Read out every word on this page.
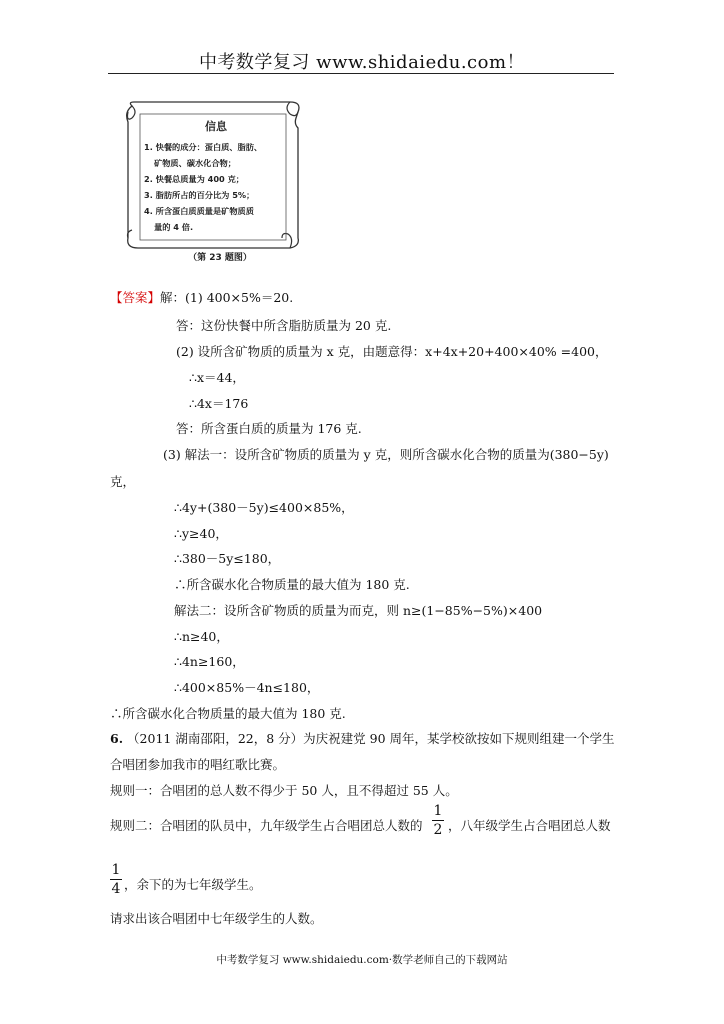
中考数学复习 www.shidaiedu.com！
信息
1. 快餐的成分：蛋白质、脂肪、
矿物质、碳水化合物；
2. 快餐总质量为 400 克；
3. 脂肪所占的百分比为 5%；
4. 所含蛋白质质量是矿物质质
量的 4 倍.
（第 23 题图）
【答案】解：(1) 400×5%＝20.
答：这份快餐中所含脂肪质量为 20 克.
(2) 设所含矿物质的质量为 x 克，由题意得：x+4x+20+400×40% =400，
∴x＝44，
∴4x＝176
答：所含蛋白质的质量为 176 克.
(3) 解法一：设所含矿物质的质量为 y 克，则所含碳水化合物的质量为(380−5y)
克，
∴4y+(380－5y)≤400×85%，
∴y≥40，
∴380－5y≤180，
∴所含碳水化合物质量的最大值为 180 克.
解法二：设所含矿物质的质量为而克，则 n≥(1−85%−5%)×400
∴n≥40，
∴4n≥160，
∴400×85%－4n≤180，
∴所含碳水化合物质量的最大值为 180 克.
6. （2011 湖南邵阳，22，8 分）为庆祝建党 90 周年，某学校欲按如下规则组建一个学生
合唱团参加我市的唱红歌比赛。
规则一：合唱团的总人数不得少于 50 人，且不得超过 55 人。
规则二：合唱团的队员中，九年级学生占合唱团总人数的
1
2 ，八年级学生占合唱团总人数
1
4 ，余下的为七年级学生。
请求出该合唱团中七年级学生的人数。
中考数学复习 www.shidaiedu.com·数学老师自己的下载网站
